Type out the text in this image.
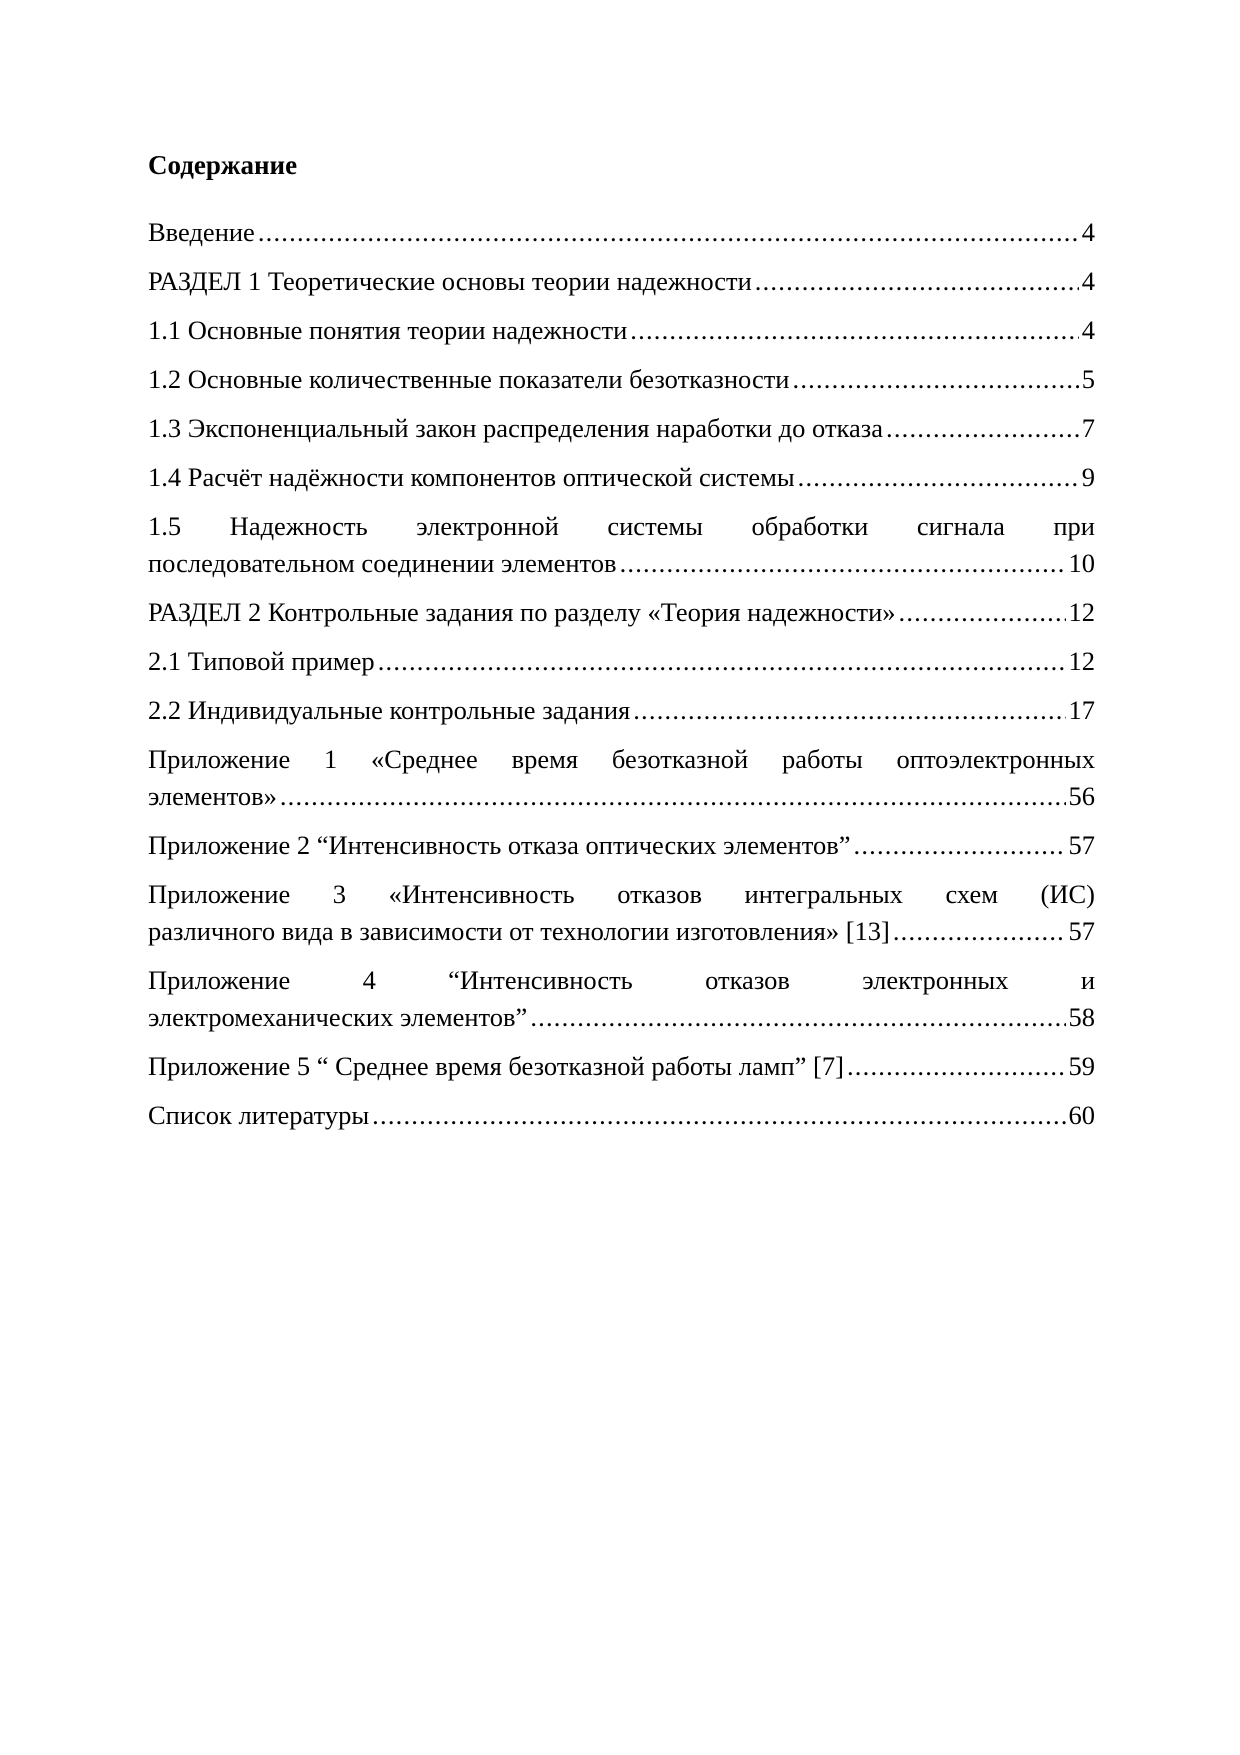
Содержание
Введение .....	4
РАЗДЕЛ 1 Теоретические основы теории надежности .....	4
1.1 Основные понятия теории надежности .....	4
1.2 Основные количественные показатели безотказности .....	5
1.3 Экспоненциальный закон распределения наработки до отказа .....	7
1.4 Расчёт надёжности компонентов оптической системы .....	9
1.5 Надежность электронной системы обработки сигнала при
последовательном соединении элементов .....	10
РАЗДЕЛ 2 Контрольные задания по разделу «Теория надежности» .....	12
2.1 Типовой пример .....	12
2.2 Индивидуальные контрольные задания .....	17
Приложение 1 «Среднее время безотказной работы оптоэлектронных
элементов» .....	56
Приложение 2 “Интенсивность отказа оптических элементов” .....	57
Приложение 3 «Интенсивность отказов интегральных схем (ИС)
различного вида в зависимости от технологии изготовления» [13] .....	57
Приложение 4 “Интенсивность отказов электронных и
электромеханических элементов” .....	58
Приложение 5 “ Среднее время безотказной работы ламп” [7] .....	59
Список литературы .....	60
